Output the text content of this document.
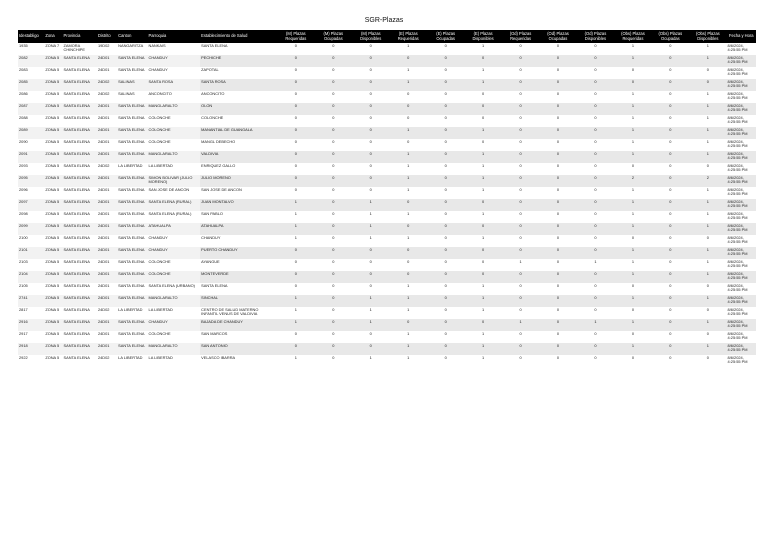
SGR-Plazas
Idestabligo	Zona	Provincia	Distrito	Canton	Parroquia	Establecimiento de Salud	(M) Plazas Requeridas	(M) Plazas Ocupadas	(M) Plazas Disponibles	(E) Plazas Requeridas	(E) Plazas Ocupadas	(E) Plazas Disponibles	(Od) Plazas Requeridas	(Od) Plazas Ocupadas	(Od) Plazas Disponibles	(Obs) Plazas Requeridas	(Obs) Plazas Ocupadas	(Obs) Plazas Disponibles	Fecha y Hora
1935	ZONA 7	ZAMORA CHINCHIPE	19D02	NANGARITZA	NANKAIS	SANTA ELENA	0	0	0	1	0	1	0	0	0	1	0	1	8/6/2024, 4:25:55 PM
2082	ZONA 5	SANTA ELENA	24D01	SANTA ELENA	CHANDUY	PECHICHE	0	0	0	0	0	0	0	0	0	1	0	1	8/6/2024, 4:25:55 PM
2083	ZONA 5	SANTA ELENA	24D01	SANTA ELENA	CHANDUY	ZAPOTAL	0	0	0	1	0	1	0	0	0	0	0	0	8/6/2024, 4:25:55 PM
2085	ZONA 5	SANTA ELENA	24D02	SALINAS	SANTA ROSA	SANTA ROSA	0	0	0	1	0	1	0	0	0	0	0	0	8/6/2024, 4:25:55 PM
2086	ZONA 5	SANTA ELENA	24D02	SALINAS	ANCONCITO	ANCONCITO	0	0	0	0	0	0	0	0	0	1	0	1	8/6/2024, 4:25:55 PM
2087	ZONA 5	SANTA ELENA	24D01	SANTA ELENA	MANGLARALTO	OLON	0	0	0	0	0	0	0	0	0	1	0	1	8/6/2024, 4:25:55 PM
2088	ZONA 5	SANTA ELENA	24D01	SANTA ELENA	COLONCHE	COLONCHE	0	0	0	0	0	0	0	0	0	1	0	1	8/6/2024, 4:25:55 PM
2089	ZONA 5	SANTA ELENA	24D01	SANTA ELENA	COLONCHE	MANANTIAL DE GUANGALA	0	0	0	1	0	1	0	0	0	1	0	1	8/6/2024, 4:25:55 PM
2090	ZONA 5	SANTA ELENA	24D01	SANTA ELENA	COLONCHE	MANGL DEBECHO	0	0	0	0	0	0	0	0	0	1	0	1	8/6/2024, 4:25:55 PM
2091	ZONA 5	SANTA ELENA	24D01	SANTA ELENA	MANGLARALTO	VALDIVIA	0	0	0	1	0	1	0	0	0	1	0	1	8/6/2024, 4:25:55 PM
2093	ZONA 5	SANTA ELENA	24D02	LA LIBERTAD	LA LIBERTAD	ENRIQUEZ GALLO	0	0	0	1	0	1	0	0	0	0	0	0	8/6/2024, 4:25:55 PM
2095	ZONA 5	SANTA ELENA	24D01	SANTA ELENA	SIMON BOLIVAR (JULIO MORENO)	JULIO MORENO	0	0	0	1	0	1	0	0	0	2	0	2	8/6/2024, 4:25:55 PM
2096	ZONA 5	SANTA ELENA	24D01	SANTA ELENA	SAN JOSE DE ANCON	SAN JOSE DE ANCON	0	0	0	1	0	1	0	0	0	1	0	1	8/6/2024, 4:25:55 PM
2097	ZONA 5	SANTA ELENA	24D01	SANTA ELENA	SANTA ELENA (RURAL)	JUAN MONTALVO	1	0	1	0	0	0	0	0	0	1	0	1	8/6/2024, 4:25:55 PM
2098	ZONA 5	SANTA ELENA	24D01	SANTA ELENA	SANTA ELENA (RURAL)	SAN PABLO	1	0	1	1	0	1	0	0	0	1	0	1	8/6/2024, 4:25:55 PM
2099	ZONA 5	SANTA ELENA	24D01	SANTA ELENA	ATAHUALPA	ATAHUALPA	1	0	1	0	0	0	0	0	0	1	0	1	8/6/2024, 4:25:55 PM
2100	ZONA 5	SANTA ELENA	24D01	SANTA ELENA	CHANDUY	CHANDUY	1	0	1	1	0	1	0	0	0	0	0	0	8/6/2024, 4:25:55 PM
2101	ZONA 5	SANTA ELENA	24D01	SANTA ELENA	CHANDUY	PUERTO CHANDUY	0	0	0	0	0	0	0	0	0	1	0	1	8/6/2024, 4:25:55 PM
2103	ZONA 5	SANTA ELENA	24D01	SANTA ELENA	COLONCHE	AYANGUE	0	0	0	0	0	0	1	0	1	1	0	1	8/6/2024, 4:25:55 PM
2104	ZONA 5	SANTA ELENA	24D01	SANTA ELENA	COLONCHE	MONTEVERDE	0	0	0	0	0	0	0	0	0	1	0	1	8/6/2024, 4:25:55 PM
2105	ZONA 5	SANTA ELENA	24D01	SANTA ELENA	SANTA ELENA (URBANO)	SANTA ELENA	0	0	0	1	0	1	0	0	0	0	0	0	8/6/2024, 4:25:55 PM
2741	ZONA 5	SANTA ELENA	24D01	SANTA ELENA	MANGLARALTO	SINCHAL	1	0	1	1	0	1	0	0	0	1	0	1	8/6/2024, 4:25:55 PM
2817	ZONA 5	SANTA ELENA	24D02	LA LIBERTAD	LA LIBERTAD	CENTRO DE SALUD MATERNO INFANTIL VENUS DE VALDIVIA	1	0	1	1	0	1	0	0	0	0	0	0	8/6/2024, 4:25:55 PM
2916	ZONA 5	SANTA ELENA	24D01	SANTA ELENA	CHANDUY	BAJADA DE CHANDUY	1	0	1	0	0	0	1	0	1	1	0	1	8/6/2024, 4:25:55 PM
2917	ZONA 5	SANTA ELENA	24D01	SANTA ELENA	COLONCHE	SAN MARCOS	0	0	0	1	0	1	0	0	0	0	0	0	8/6/2024, 4:25:55 PM
2918	ZONA 5	SANTA ELENA	24D01	SANTA ELENA	MANGLARALTO	SAN ANTONIO	0	0	0	1	0	1	0	0	0	1	0	1	8/6/2024, 4:25:55 PM
2922	ZONA 5	SANTA ELENA	24D02	LA LIBERTAD	LA LIBERTAD	VELASCO IBARRA	1	0	1	1	0	1	0	0	0	0	0	0	8/6/2024, 4:25:55 PM
